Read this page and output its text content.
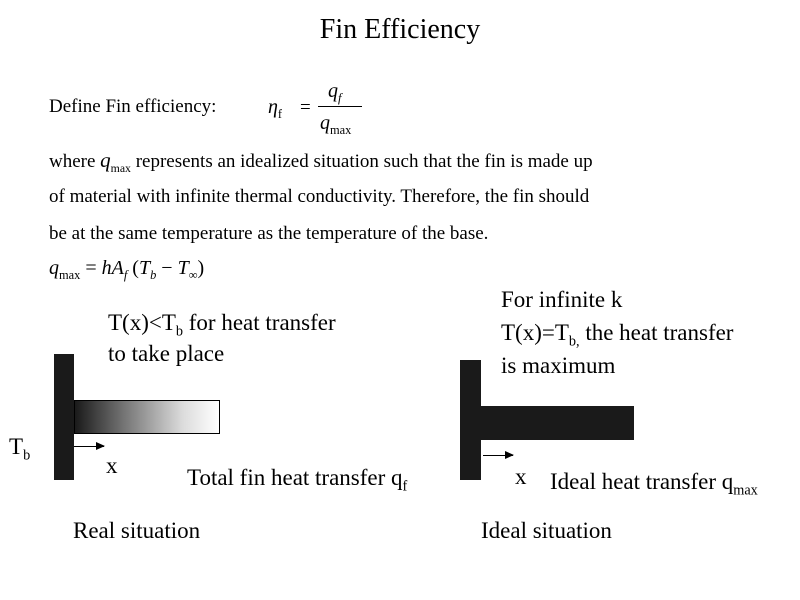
Fin Efficiency
Define Fin efficiency:	$\eta_f$ =
$q_f$
$q_{max}$
where $q_{max}$ represents an idealized situation such that the fin is made up
of material with infinite thermal conductivity. Therefore, the fin should
be at the same temperature as the temperature of the base.
$q_{max} = hA_f$ $(T_b - T_\infty)$
$T(x)<T_b$ for heat transfer
to take place
$T_b$	x	Total fin heat transfer $q_f$
Real situation
For infinite k
$T(x)=T_{b,}$ the heat transfer
is maximum
x Ideal heat transfer $q_{max}$
Ideal situation
